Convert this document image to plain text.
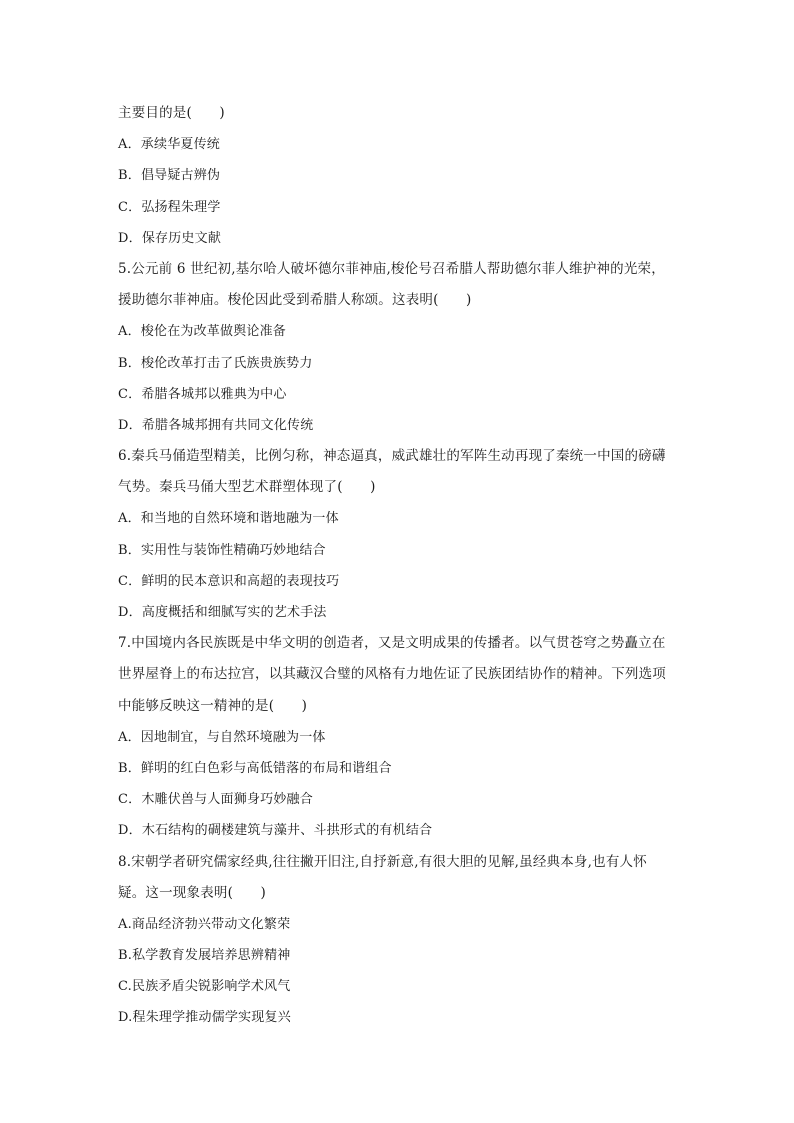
主要目的是(　　)
A．承续华夏传统
B．倡导疑古辨伪
C．弘扬程朱理学
D．保存历史文献
5.公元前 6 世纪初,基尔哈人破坏德尔菲神庙,梭伦号召希腊人帮助德尔菲人维护神的光荣，
援助德尔菲神庙。梭伦因此受到希腊人称颂。这表明(　　)
A．梭伦在为改革做舆论准备
B．梭伦改革打击了氏族贵族势力
C．希腊各城邦以雅典为中心
D．希腊各城邦拥有共同文化传统
6.秦兵马俑造型精美，比例匀称，神态逼真，威武雄壮的军阵生动再现了秦统一中国的磅礴
气势。秦兵马俑大型艺术群塑体现了(　　)
A．和当地的自然环境和谐地融为一体
B．实用性与装饰性精确巧妙地结合
C．鲜明的民本意识和高超的表现技巧
D．高度概括和细腻写实的艺术手法
7.中国境内各民族既是中华文明的创造者，又是文明成果的传播者。以气贯苍穹之势矗立在
世界屋脊上的布达拉宫，以其藏汉合璧的风格有力地佐证了民族团结协作的精神。下列选项
中能够反映这一精神的是(　　)
A．因地制宜，与自然环境融为一体
B．鲜明的红白色彩与高低错落的布局和谐组合
C．木雕伏兽与人面狮身巧妙融合
D．木石结构的碉楼建筑与藻井、斗拱形式的有机结合
8.宋朝学者研究儒家经典,往往撇开旧注,自抒新意,有很大胆的见解,虽经典本身,也有人怀
疑。这一现象表明(　　)
A.商品经济勃兴带动文化繁荣
B.私学教育发展培养思辨精神
C.民族矛盾尖锐影响学术风气
D.程朱理学推动儒学实现复兴
